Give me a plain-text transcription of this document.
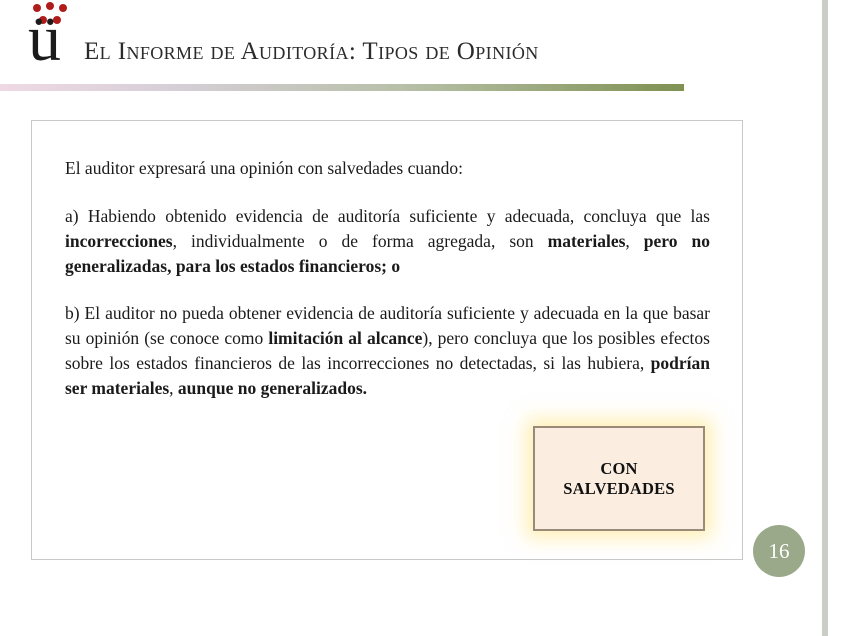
ü El Informe de Auditoría: Tipos de Opinión
El auditor expresará una opinión con salvedades cuando:
a) Habiendo obtenido evidencia de auditoría suficiente y adecuada, concluya que las incorrecciones, individualmente o de forma agregada, son materiales, pero no generalizadas, para los estados financieros; o
b) El auditor no pueda obtener evidencia de auditoría suficiente y adecuada en la que basar su opinión (se conoce como limitación al alcance), pero concluya que los posibles efectos sobre los estados financieros de las incorrecciones no detectadas, si las hubiera, podrían ser materiales, aunque no generalizados.
CON
SALVEDADES
16
